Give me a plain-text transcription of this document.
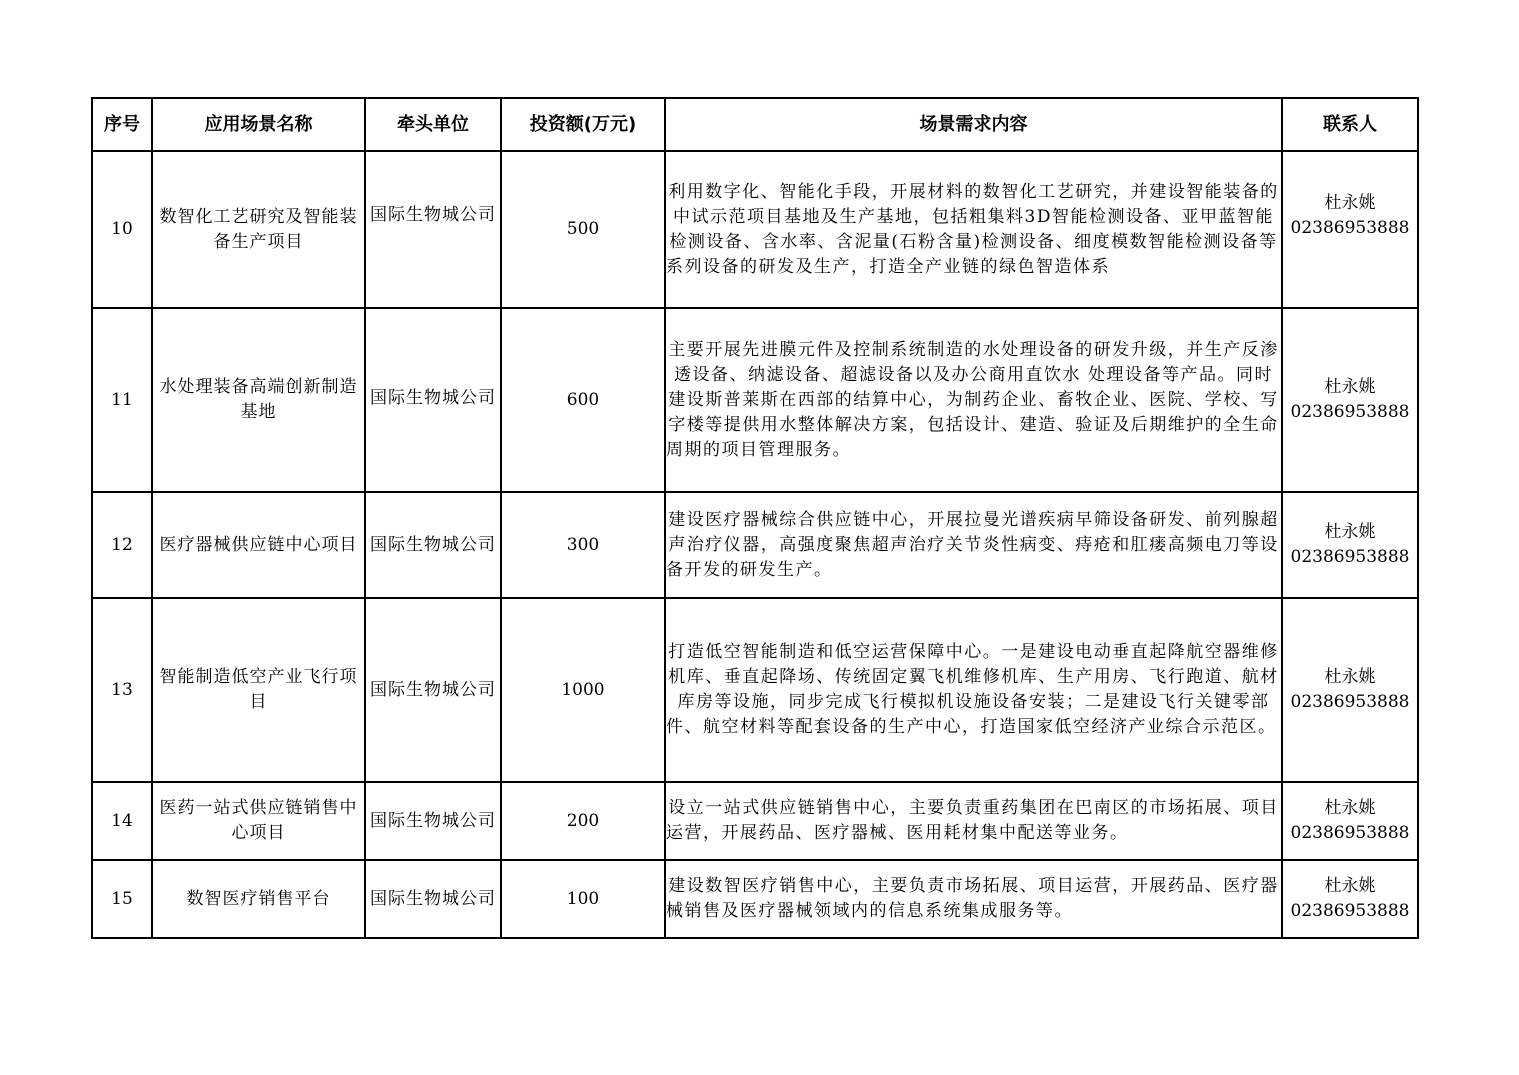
序号	应用场景名称	牵头单位	投资额(万元)	场景需求内容	联系人
10	数智化工艺研究及智能装备生产项目	国际生物城公司	500	利用数字化、智能化手段，开展材料的数智化工艺研究，并建设智能装备的中试示范项目基地及生产基地，包括粗集料3D智能检测设备、亚甲蓝智能检测设备、含水率、含泥量(石粉含量)检测设备、细度模数智能检测设备等系列设备的研发及生产，打造全产业链的绿色智造体系	杜永姚
02386953888

11	水处理装备高端创新制造基地	国际生物城公司	600	主要开展先进膜元件及控制系统制造的水处理设备的研发升级，并生产反渗透设备、纳滤设备、超滤设备以及办公商用直饮水 处理设备等产品。同时建设斯普莱斯在西部的结算中心，为制药企业、畜牧企业、医院、学校、写字楼等提供用水整体解决方案，包括设计、建造、验证及后期维护的全生命周期的项目管理服务。	杜永姚
02386953888

12	医疗器械供应链中心项目	国际生物城公司	300	建设医疗器械综合供应链中心，开展拉曼光谱疾病早筛设备研发、前列腺超声治疗仪器，高强度聚焦超声治疗关节炎性病变、痔疮和肛瘘高频电刀等设备开发的研发生产。	杜永姚
02386953888

13	智能制造低空产业飞行项目	国际生物城公司	1000	打造低空智能制造和低空运营保障中心。一是建设电动垂直起降航空器维修机库、垂直起降场、传统固定翼飞机维修机库、生产用房、飞行跑道、航材库房等设施，同步完成飞行模拟机设施设备安装；二是建设飞行关键零部件、航空材料等配套设备的生产中心，打造国家低空经济产业综合示范区。	杜永姚
02386953888

14	医药一站式供应链销售中心项目	国际生物城公司	200	设立一站式供应链销售中心，主要负责重药集团在巴南区的市场拓展、项目运营，开展药品、医疗器械、医用耗材集中配送等业务。	杜永姚
02386953888

15	数智医疗销售平台	国际生物城公司	100	建设数智医疗销售中心，主要负责市场拓展、项目运营，开展药品、医疗器械销售及医疗器械领域内的信息系统集成服务等。	杜永姚
02386953888
